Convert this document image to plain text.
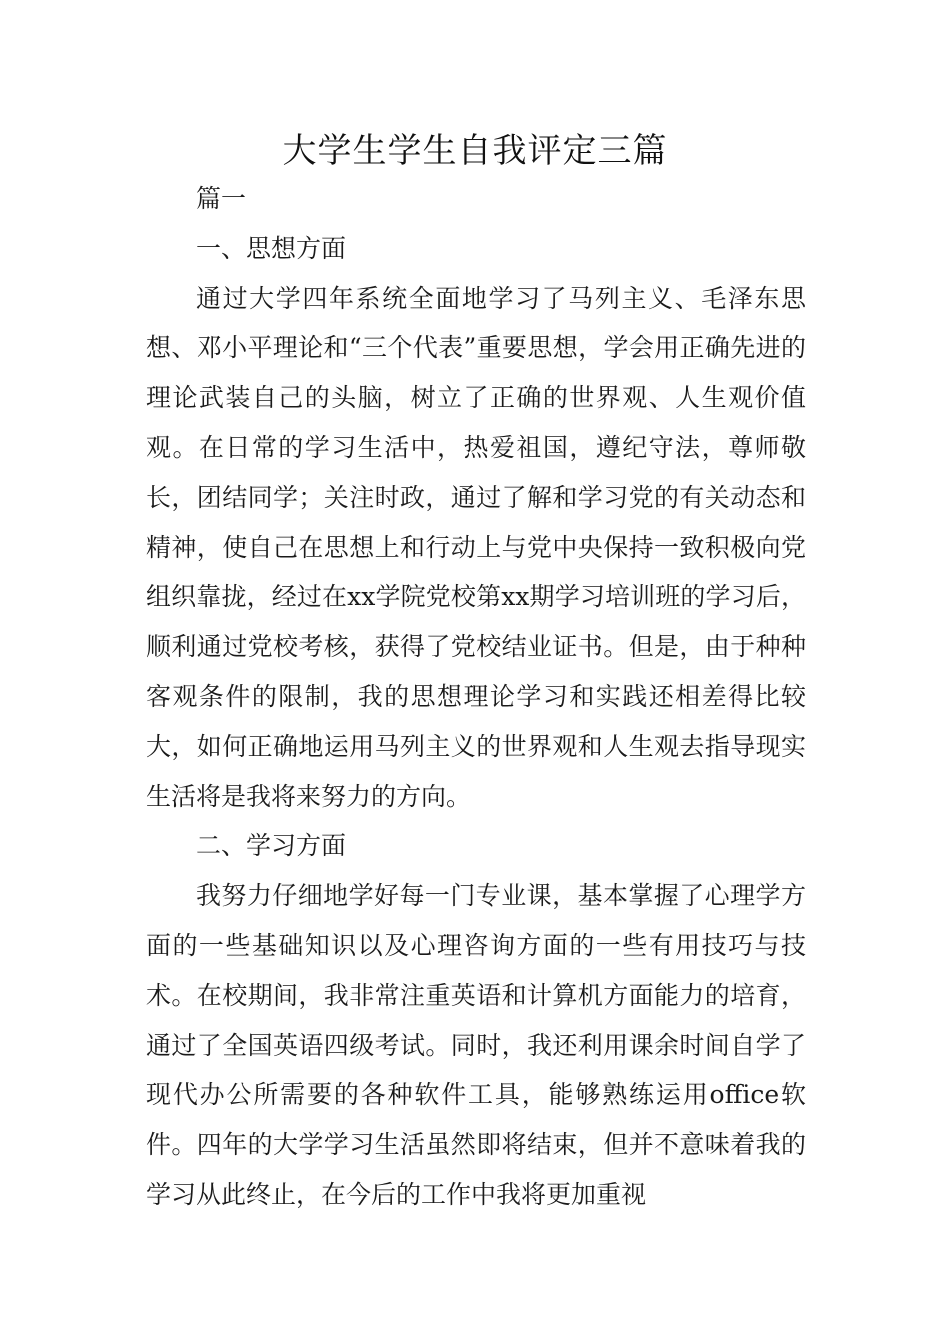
大学生学生自我评定三篇

篇一

一、思想方面

通过大学四年系统全面地学习了马列主义、毛泽东思想、邓小平理论和“三个代表”重要思想，学会用正确先进的理论武装自己的头脑，树立了正确的世界观、人生观价值观。在日常的学习生活中，热爱祖国，遵纪守法，尊师敬长，团结同学；关注时政，通过了解和学习党的有关动态和精神，使自己在思想上和行动上与党中央保持一致积极向党组织靠拢，经过在xx学院党校第xx期学习培训班的学习后，顺利通过党校考核，获得了党校结业证书。但是，由于种种客观条件的限制，我的思想理论学习和实践还相差得比较大，如何正确地运用马列主义的世界观和人生观去指导现实生活将是我将来努力的方向。

二、学习方面

我努力仔细地学好每一门专业课，基本掌握了心理学方面的一些基础知识以及心理咨询方面的一些有用技巧与技术。在校期间，我非常注重英语和计算机方面能力的培育，通过了全国英语四级考试。同时，我还利用课余时间自学了现代办公所需要的各种软件工具，能够熟练运用office软件。四年的大学学习生活虽然即将结束，但并不意味着我的学习从此终止，在今后的工作中我将更加重视
